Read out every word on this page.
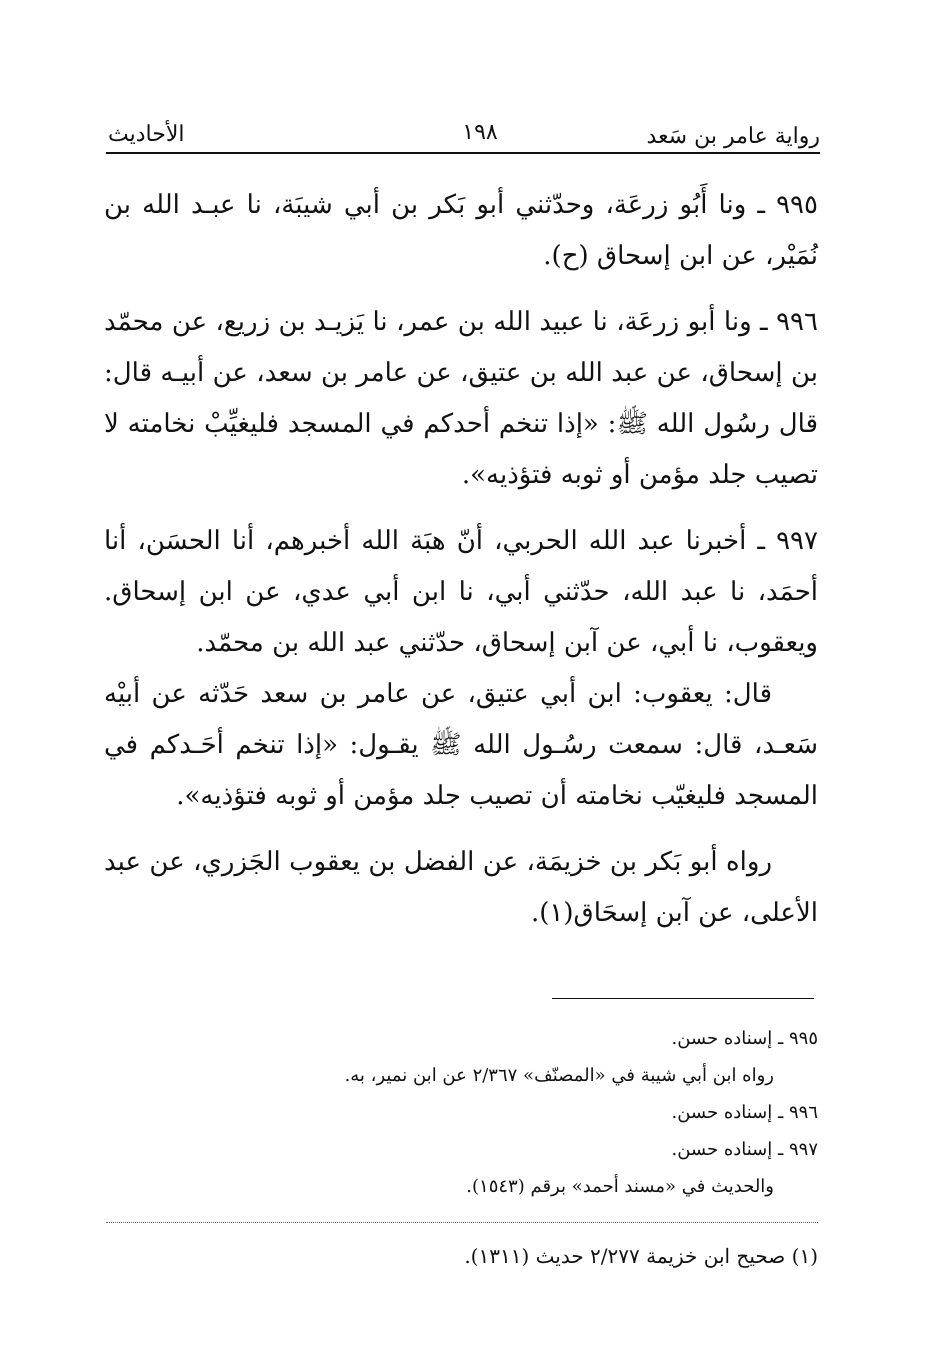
رواية عامر بن سَعد
١٩٨
الأحاديث

٩٩٥ ـ ونا أَبُو زرعَة، وحدّثني أبو بَكر بن أبي شيبَة، نا عبـد الله بن نُمَيْر، عن ابن إسحاق (ح).

٩٩٦ ـ ونا أبو زرعَة، نا عبيد الله بن عمر، نا يَزيـد بن زريع، عن محمّد بن إسحاق، عن عبد الله بن عتيق، عن عامر بن سعد، عن أبيـه قال: قال رسُول الله ﷺ: «إذا تنخم أحدكم في المسجد فليغيِّبْ نخامته لا تصيب جلد مؤمن أو ثوبه فتؤذيه».

٩٩٧ ـ أخبرنا عبد الله الحربي، أنّ هبَة الله أخبرهم، أنا الحسَن، أنا أحمَد، نا عبد الله، حدّثني أبي، نا ابن أبي عدي، عن ابن إسحاق. ويعقوب، نا أبي، عن آبن إسحاق، حدّثني عبد الله بن محمّد.

قال: يعقوب: ابن أبي عتيق، عن عامر بن سعد حَدّثه عن أبيْه سَعـد، قال: سمعت رسُـول الله ﷺ يقـول: «إذا تنخم أحَـدكم في المسجد فليغيّب نخامته أن تصيب جلد مؤمن أو ثوبه فتؤذيه».

رواه أبو بَكر بن خزيمَة، عن الفضل بن يعقوب الجَزري، عن عبد الأعلى، عن آبن إسحَاق(١).

٩٩٥ ـ إسناده حسن.
رواه ابن أبي شيبة في «المصنّف» ٢/٣٦٧ عن ابن نمير، به.
٩٩٦ ـ إسناده حسن.
٩٩٧ ـ إسناده حسن.
والحديث في «مسند أحمد» برقم (١٥٤٣).
(١) صحيح ابن خزيمة ٢/٢٧٧ حديث (١٣١١).
